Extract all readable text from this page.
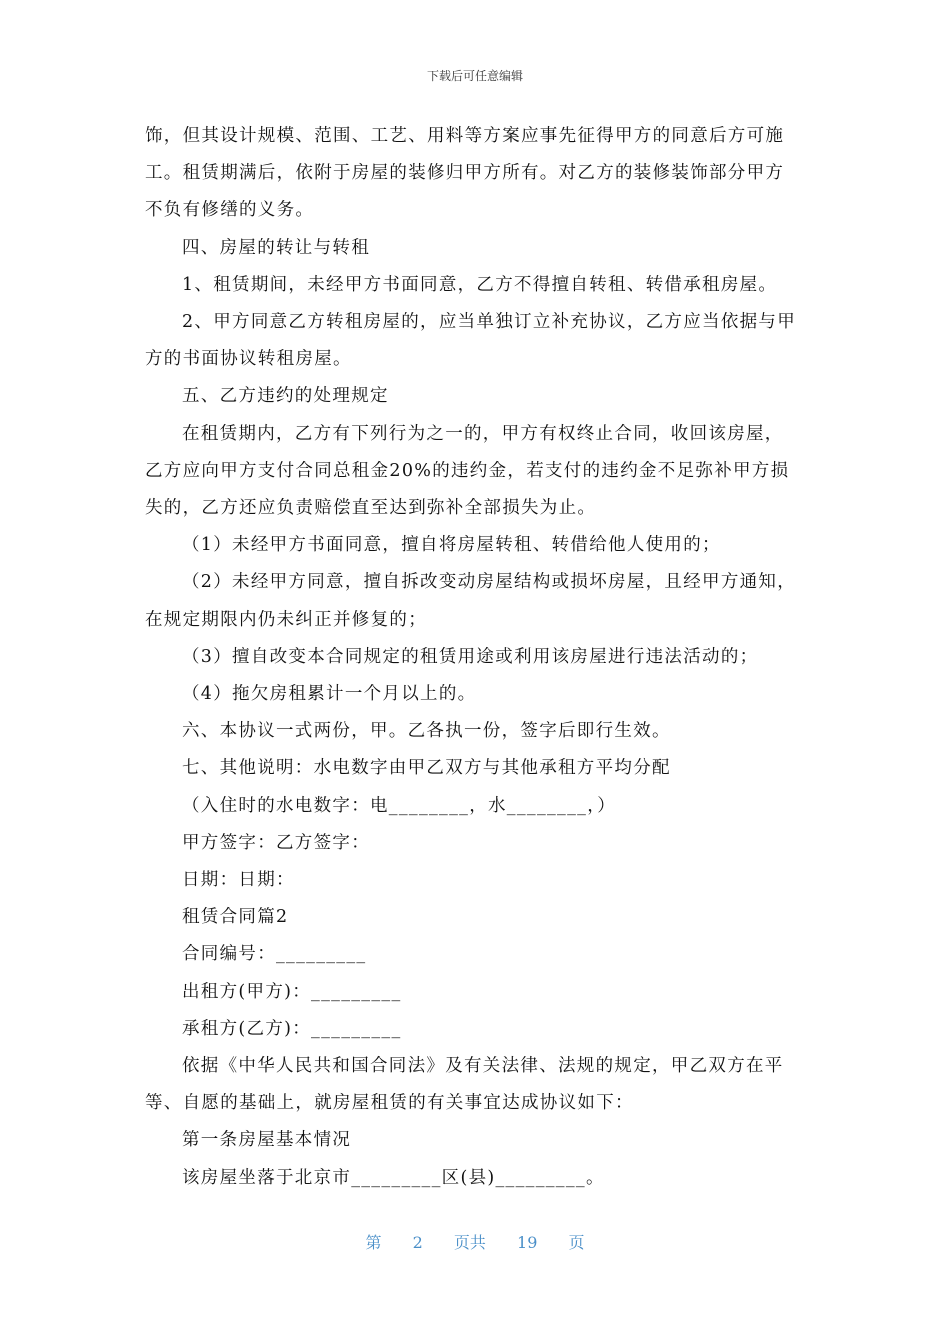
下载后可任意编辑

饰，但其设计规模、范围、工艺、用料等方案应事先征得甲方的同意后方可施工。租赁期满后，依附于房屋的装修归甲方所有。对乙方的装修装饰部分甲方不负有修缮的义务。

四、房屋的转让与转租

1、租赁期间，未经甲方书面同意，乙方不得擅自转租、转借承租房屋。

2、甲方同意乙方转租房屋的，应当单独订立补充协议，乙方应当依据与甲方的书面协议转租房屋。

五、乙方违约的处理规定

在租赁期内，乙方有下列行为之一的，甲方有权终止合同，收回该房屋，乙方应向甲方支付合同总租金20%的违约金，若支付的违约金不足弥补甲方损失的，乙方还应负责赔偿直至达到弥补全部损失为止。

（1）未经甲方书面同意，擅自将房屋转租、转借给他人使用的；

（2）未经甲方同意，擅自拆改变动房屋结构或损坏房屋，且经甲方通知，在规定期限内仍未纠正并修复的；

（3）擅自改变本合同规定的租赁用途或利用该房屋进行违法活动的；

（4）拖欠房租累计一个月以上的。

六、本协议一式两份，甲。乙各执一份，签字后即行生效。

七、其他说明：水电数字由甲乙双方与其他承租方平均分配

（入住时的水电数字：电________，水________，）

甲方签字：乙方签字：

日期：日期：

租赁合同篇2

合同编号：_________

出租方(甲方)：_________

承租方(乙方)：_________

依据《中华人民共和国合同法》及有关法律、法规的规定，甲乙双方在平等、自愿的基础上，就房屋租赁的有关事宜达成协议如下：

第一条房屋基本情况

该房屋坐落于北京市_________区(县)_________。

第 2 页共 19 页
